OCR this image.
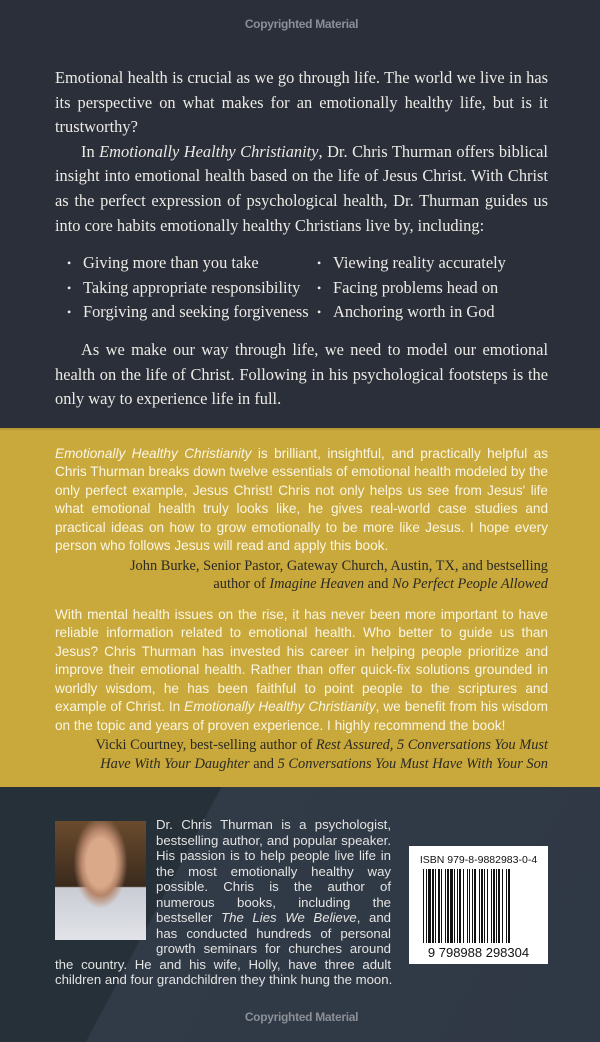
Copyrighted Material

Emotional health is crucial as we go through life. The world we live in has its perspective on what makes for an emotionally healthy life, but is it trustworthy?

In Emotionally Healthy Christianity, Dr. Chris Thurman offers biblical insight into emotional health based on the life of Jesus Christ. With Christ as the perfect expression of psychological health, Dr. Thurman guides us into core habits emotionally healthy Christians live by, including:

• Giving more than you take	• Viewing reality accurately
• Taking appropriate responsibility	• Facing problems head on
• Forgiving and seeking forgiveness	• Anchoring worth in God

As we make our way through life, we need to model our emotional health on the life of Christ. Following in his psychological footsteps is the only way to experience life in full.

Emotionally Healthy Christianity is brilliant, insightful, and practically helpful as Chris Thurman breaks down twelve essentials of emotional health modeled by the only perfect example, Jesus Christ! Chris not only helps us see from Jesus' life what emotional health truly looks like, he gives real-world case studies and practical ideas on how to grow emotionally to be more like Jesus. I hope every person who follows Jesus will read and apply this book.
John Burke, Senior Pastor, Gateway Church, Austin, TX, and bestselling
author of Imagine Heaven and No Perfect People Allowed
With mental health issues on the rise, it has never been more important to have reliable information related to emotional health. Who better to guide us than Jesus? Chris Thurman has invested his career in helping people prioritize and improve their emotional health. Rather than offer quick-fix solutions grounded in worldly wisdom, he has been faithful to point people to the scriptures and example of Christ. In Emotionally Healthy Christianity, we benefit from his wisdom on the topic and years of proven experience. I highly recommend the book!
Vicki Courtney, best-selling author of Rest Assured, 5 Conversations You Must Have With Your Daughter and 5 Conversations You Must Have With Your Son
ISBN 979-8-9882983-0-4
9 798988 298304
Dr. Chris Thurman is a psychologist, bestselling author, and popular speaker. His passion is to help people live life in the most emotionally healthy way possible. Chris is the author of numerous books, including the bestseller The Lies We Believe, and has conducted hundreds of personal growth seminars for churches around the country. He and his wife, Holly, have three adult children and four grandchildren they think hung the moon.
Copyrighted Material
